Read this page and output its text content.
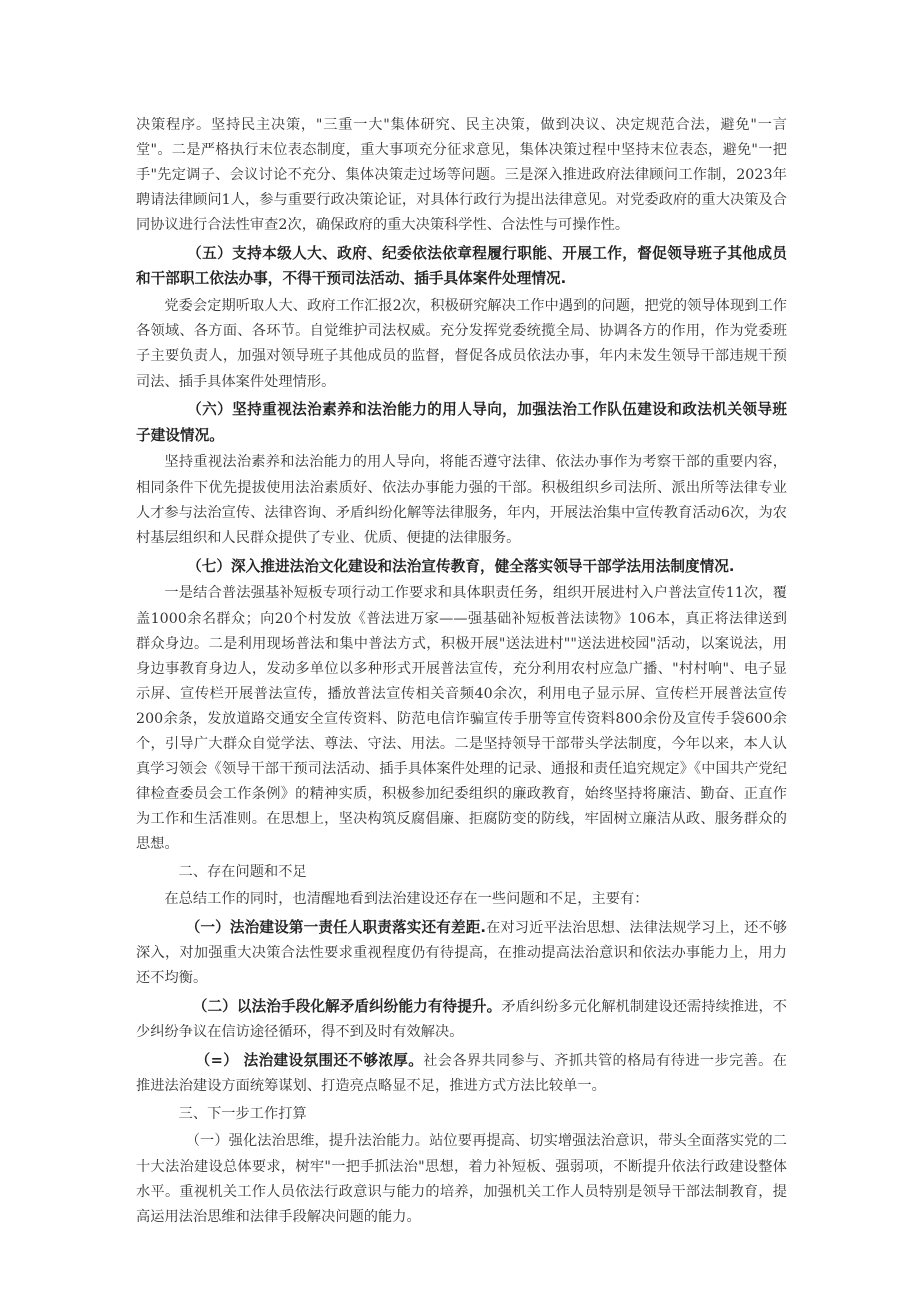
决策程序。坚持民主决策，"三重一大"集体研究、民主决策，做到决议、决定规范合法，避免"一言堂"。二是严格执行末位表态制度，重大事项充分征求意见，集体决策过程中坚持末位表态，避免"一把手"先定调子、会议讨论不充分、集体决策走过场等问题。三是深入推进政府法律顾问工作制，2023年聘请法律顾问1人，参与重要行政决策论证，对具体行政行为提出法律意见。对党委政府的重大决策及合同协议进行合法性审查2次，确保政府的重大决策科学性、合法性与可操作性。

（五）支持本级人大、政府、纪委依法依章程履行职能、开展工作，督促领导班子其他成员和干部职工依法办事，不得干预司法活动、插手具体案件处理情况.

党委会定期听取人大、政府工作汇报2次，积极研究解决工作中遇到的问题，把党的领导体现到工作各领域、各方面、各环节。自觉维护司法权威。充分发挥党委统揽全局、协调各方的作用，作为党委班子主要负责人，加强对领导班子其他成员的监督，督促各成员依法办事，年内未发生领导干部违规干预司法、插手具体案件处理情形。

（六）坚持重视法治素养和法治能力的用人导向，加强法治工作队伍建设和政法机关领导班子建设情况。

坚持重视法治素养和法治能力的用人导向，将能否遵守法律、依法办事作为考察干部的重要内容，相同条件下优先提拔使用法治素质好、依法办事能力强的干部。积极组织乡司法所、派出所等法律专业人才参与法治宣传、法律咨询、矛盾纠纷化解等法律服务，年内，开展法治集中宣传教育活动6次，为农村基层组织和人民群众提供了专业、优质、便捷的法律服务。

（七）深入推进法治文化建设和法治宣传教育，健全落实领导干部学法用法制度情况.

一是结合普法强基补短板专项行动工作要求和具体职责任务，组织开展进村入户普法宣传11次，覆盖1000余名群众；向20个村发放《普法进万家——强基础补短板普法读物》106本，真正将法律送到群众身边。二是利用现场普法和集中普法方式，积极开展"送法进村""送法进校园"活动，以案说法，用身边事教育身边人，发动多单位以多种形式开展普法宣传，充分利用农村应急广播、"村村响"、电子显示屏、宣传栏开展普法宣传，播放普法宣传相关音频40余次，利用电子显示屏、宣传栏开展普法宣传200余条，发放道路交通安全宣传资料、防范电信诈骗宣传手册等宣传资料800余份及宣传手袋600余个，引导广大群众自觉学法、尊法、守法、用法。二是坚持领导干部带头学法制度，今年以来，本人认真学习领会《领导干部干预司法活动、插手具体案件处理的记录、通报和责任追究规定》《中国共产党纪律检查委员会工作条例》的精神实质，积极参加纪委组织的廉政教育，始终坚持将廉洁、勤奋、正直作为工作和生活准则。在思想上，坚决构筑反腐倡廉、拒腐防变的防线，牢固树立廉洁从政、服务群众的思想。

二、存在问题和不足

在总结工作的同时，也清醒地看到法治建设还存在一些问题和不足，主要有：

（一）法治建设第一责任人职责落实还有差距.在对习近平法治思想、法律法规学习上，还不够深入，对加强重大决策合法性要求重视程度仍有待提高，在推动提高法治意识和依法办事能力上，用力还不均衡。

（二）以法治手段化解矛盾纠纷能力有待提升。矛盾纠纷多元化解机制建设还需持续推进，不少纠纷争议在信访途径循环，得不到及时有效解决。

（=） 法治建设氛围还不够浓厚。社会各界共同参与、齐抓共管的格局有待进一步完善。在推进法治建设方面统筹谋划、打造亮点略显不足，推进方式方法比较单一。

三、下一步工作打算

（一）强化法治思维，提升法治能力。站位要再提高、切实增强法治意识，带头全面落实党的二十大法治建设总体要求，树牢"一把手抓法治"思想，着力补短板、强弱项，不断提升依法行政建设整体水平。重视机关工作人员依法行政意识与能力的培养，加强机关工作人员特别是领导干部法制教育，提高运用法治思维和法律手段解决问题的能力。
